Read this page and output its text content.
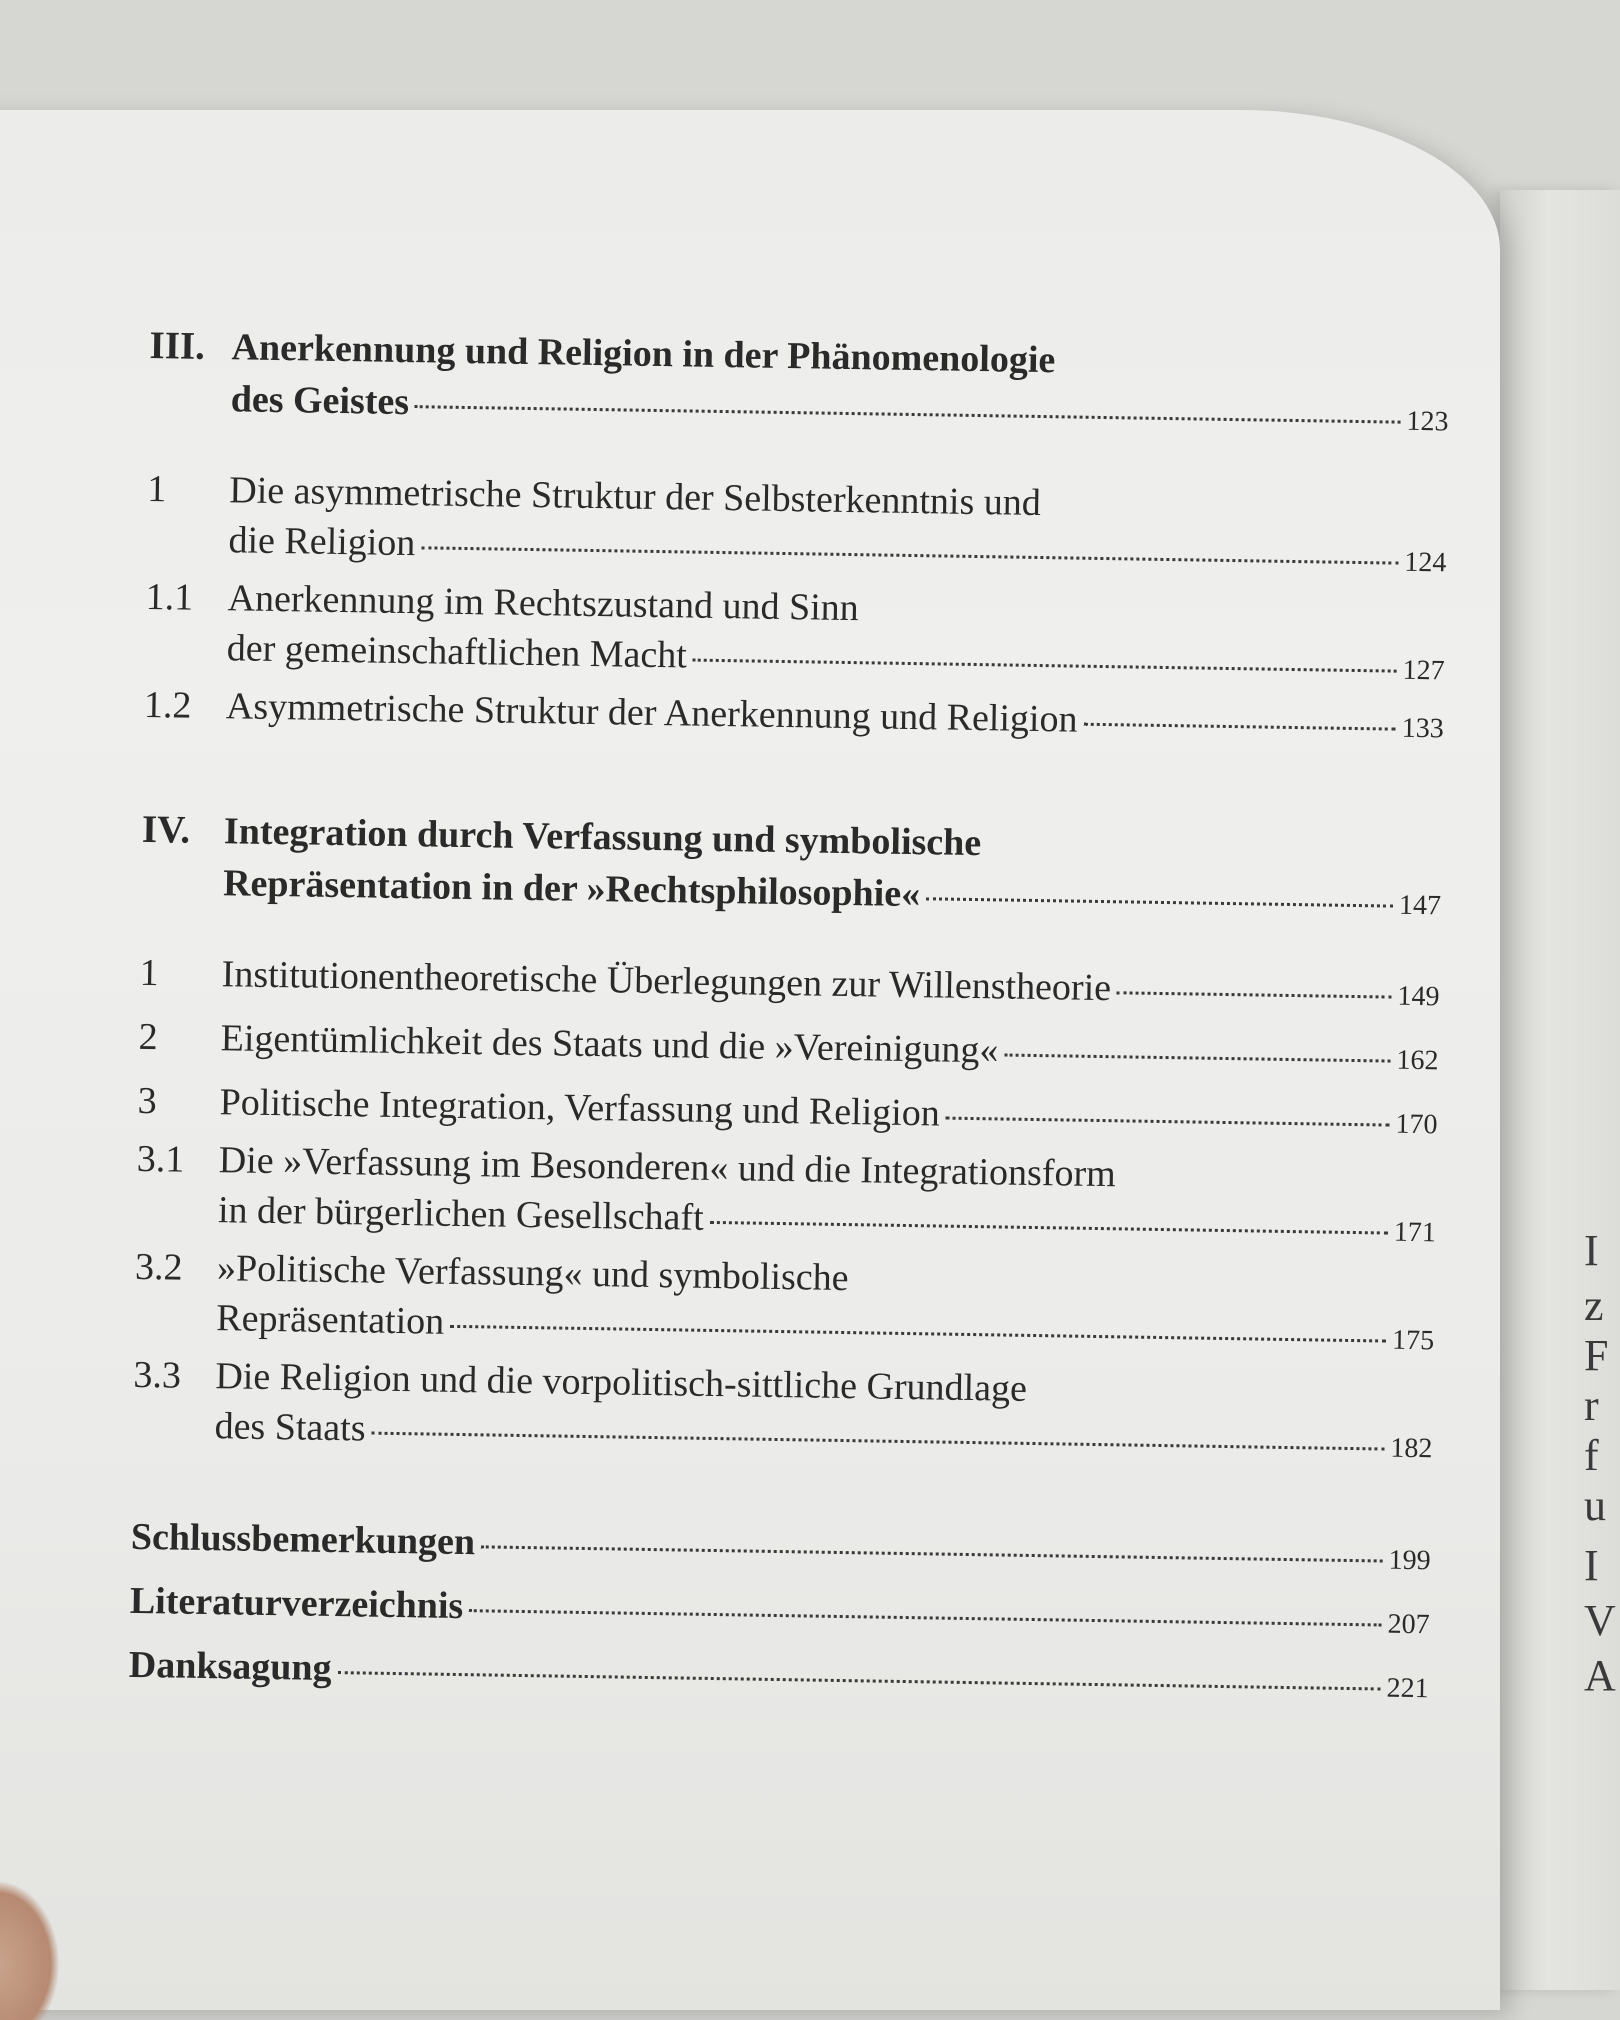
I
z
F
r
f
u
I
V
A
III. Anerkennung und Religion in der Phänomenologie
des Geistes	123
1	Die asymmetrische Struktur der Selbsterkenntnis und
die Religion	124
1.1 Anerkennung im Rechtszustand und Sinn
der gemeinschaftlichen Macht	127
1.2 Asymmetrische Struktur der Anerkennung und Religion	133
IV. Integration durch Verfassung und symbolische
Repräsentation in der »Rechtsphilosophie«	147
1	Institutionentheoretische Überlegungen zur Willenstheorie	149
2	Eigentümlichkeit des Staats und die »Vereinigung«	162
3	Politische Integration, Verfassung und Religion	170
3.1 Die »Verfassung im Besonderen« und die Integrationsform
in der bürgerlichen Gesellschaft	171
3.2 »Politische Verfassung« und symbolische
Repräsentation	175
3.3 Die Religion und die vorpolitisch-sittliche Grundlage
des Staats	182
Schlussbemerkungen	199
Literaturverzeichnis	207
Danksagung	221
